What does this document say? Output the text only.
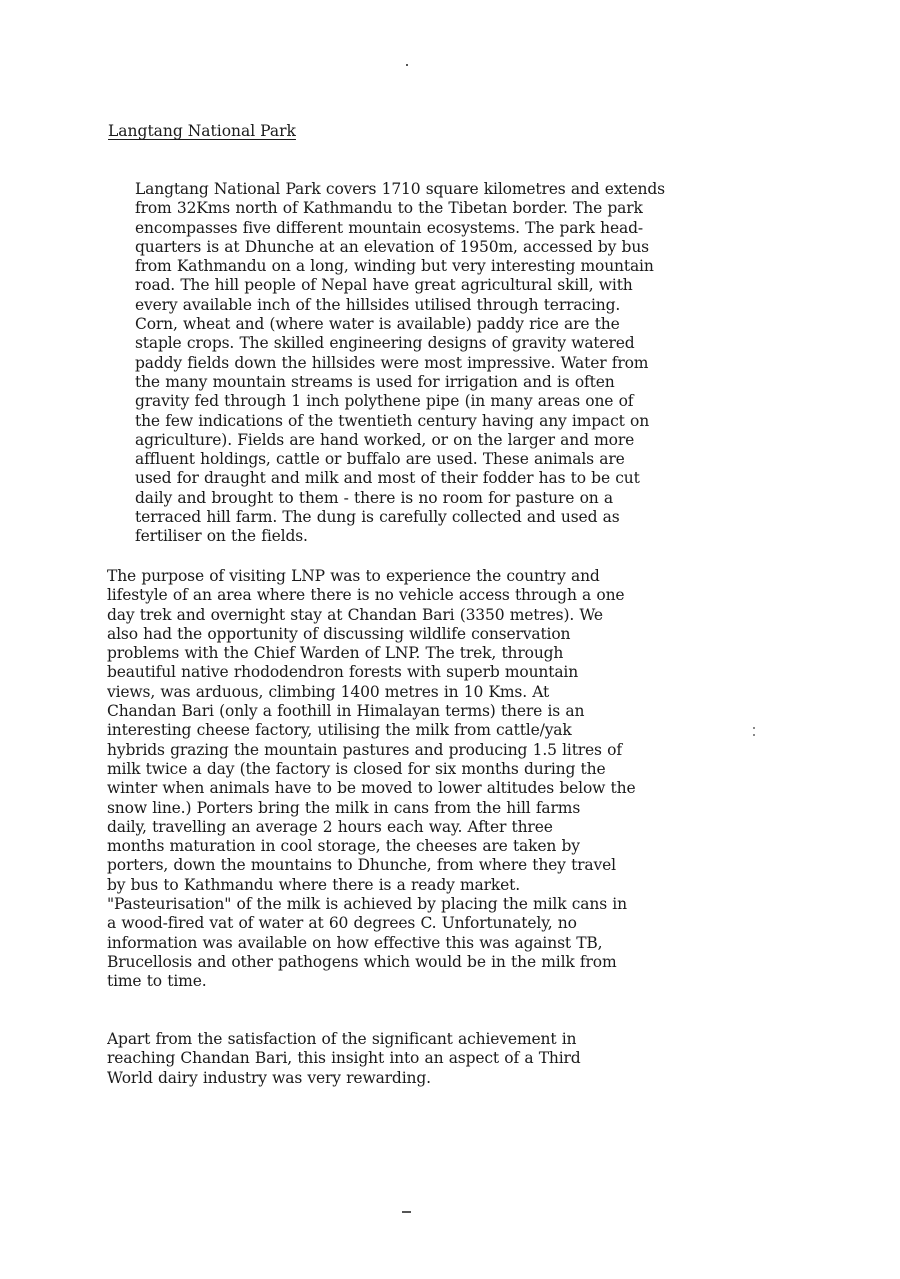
Langtang National Park
Langtang National Park covers 1710 square kilometres and extends
from 32Kms north of Kathmandu to the Tibetan border. The park
encompasses five different mountain ecosystems. The park head-
quarters is at Dhunche at an elevation of 1950m, accessed by bus
from Kathmandu on a long, winding but very interesting mountain
road. The hill people of Nepal have great agricultural skill, with
every available inch of the hillsides utilised through terracing.
Corn, wheat and (where water is available) paddy rice are the
staple crops. The skilled engineering designs of gravity watered
paddy fields down the hillsides were most impressive. Water from
the many mountain streams is used for irrigation and is often
gravity fed through 1 inch polythene pipe (in many areas one of
the few indications of the twentieth century having any impact on
agriculture). Fields are hand worked, or on the larger and more
affluent holdings, cattle or buffalo are used. These animals are
used for draught and milk and most of their fodder has to be cut
daily and brought to them - there is no room for pasture on a
terraced hill farm. The dung is carefully collected and used as
fertiliser on the fields.
The purpose of visiting LNP was to experience the country and
lifestyle of an area where there is no vehicle access through a one
day trek and overnight stay at Chandan Bari (3350 metres). We
also had the opportunity of discussing wildlife conservation
problems with the Chief Warden of LNP. The trek, through
beautiful native rhododendron forests with superb mountain
views, was arduous, climbing 1400 metres in 10 Kms. At
Chandan Bari (only a foothill in Himalayan terms) there is an
interesting cheese factory, utilising the milk from cattle/yak
hybrids grazing the mountain pastures and producing 1.5 litres of
milk twice a day (the factory is closed for six months during the
winter when animals have to be moved to lower altitudes below the
snow line.) Porters bring the milk in cans from the hill farms
daily, travelling an average 2 hours each way. After three
months maturation in cool storage, the cheeses are taken by
porters, down the mountains to Dhunche, from where they travel
by bus to Kathmandu where there is a ready market.
"Pasteurisation" of the milk is achieved by placing the milk cans in
a wood-fired vat of water at 60 degrees C. Unfortunately, no
information was available on how effective this was against TB,
Brucellosis and other pathogens which would be in the milk from
time to time.
Apart from the satisfaction of the significant achievement in
reaching Chandan Bari, this insight into an aspect of a Third
World dairy industry was very rewarding.
